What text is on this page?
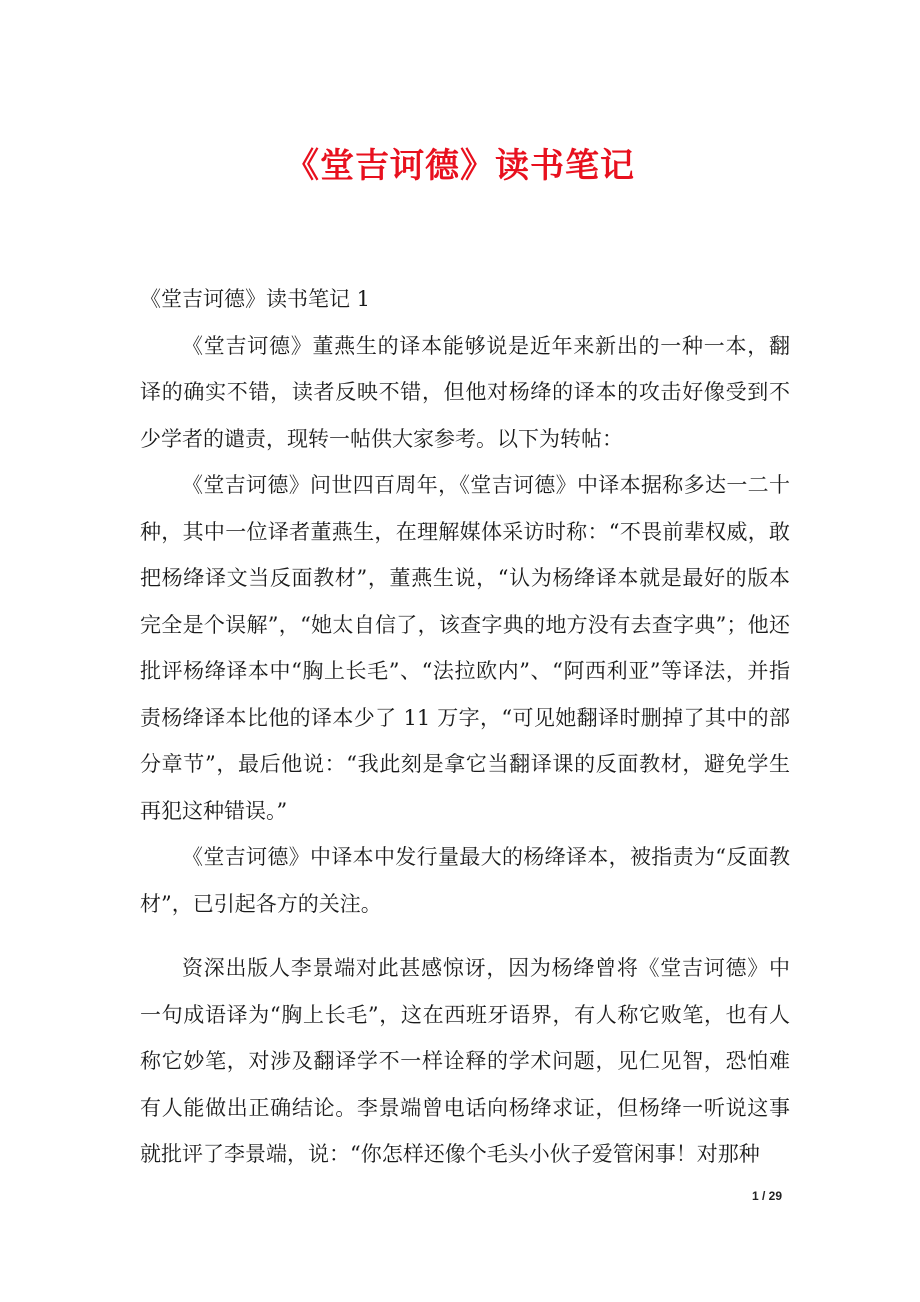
《堂吉诃德》读书笔记

《堂吉诃德》读书笔记 1

《堂吉诃德》董燕生的译本能够说是近年来新出的一种一本，翻译的确实不错，读者反映不错，但他对杨绛的译本的攻击好像受到不少学者的谴责，现转一帖供大家参考。以下为转帖：

《堂吉诃德》问世四百周年，《堂吉诃德》中译本据称多达一二十种，其中一位译者董燕生，在理解媒体采访时称：“不畏前辈权威，敢把杨绛译文当反面教材”，董燕生说，“认为杨绛译本就是最好的版本完全是个误解”，“她太自信了，该查字典的地方没有去查字典”；他还批评杨绛译本中“胸上长毛”、“法拉欧内”、“阿西利亚”等译法，并指责杨绛译本比他的译本少了 11 万字，“可见她翻译时删掉了其中的部分章节”，最后他说：“我此刻是拿它当翻译课的反面教材，避免学生再犯这种错误。”

《堂吉诃德》中译本中发行量最大的杨绛译本，被指责为“反面教材”，已引起各方的关注。

资深出版人李景端对此甚感惊讶，因为杨绛曾将《堂吉诃德》中一句成语译为“胸上长毛”，这在西班牙语界，有人称它败笔，也有人称它妙笔，对涉及翻译学不一样诠释的学术问题，见仁见智，恐怕难有人能做出正确结论。李景端曾电话向杨绛求证，但杨绛一听说这事就批评了李景端，说：“你怎样还像个毛头小伙子爱管闲事！对那种

1 / 29
